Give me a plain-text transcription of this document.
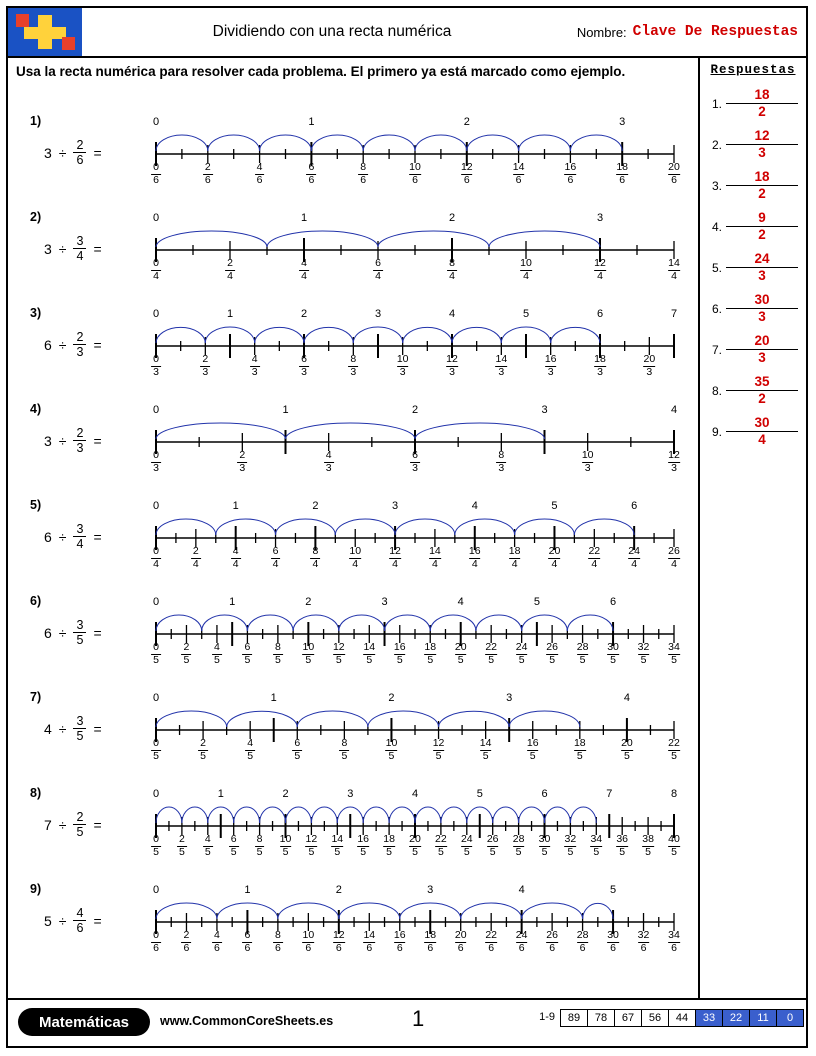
Dividiendo con una recta numérica	Nombre: Clave De Respuestas
Usa la recta numérica para resolver cada problema. El primero ya está marcado como ejemplo.	Respuestas
1. $\frac{18}{2}$
2. $\frac{12}{3}$
3. $\frac{18}{2}$
4. $\frac{9}{2}$
5. $\frac{24}{3}$
6. $\frac{30}{3}$
7. $\frac{20}{3}$
8. $\frac{35}{2}$
9. $\frac{30}{4}$
1)
$3 \div \frac{2}{6}$ =
0	1	2	3
0
6
2
6
4
6
6
6
8
6
10
6
12
6
14
6
16
6
18
6
20
6
2)
$3 \div \frac{3}{4}$ =
0	1	2	3
0
4
2
4
4
4
6
4
8
4
10
4
12
4
14
4
3)
$6 \div \frac{2}{3}$ =
0	1	2	3	4	5	6	7
0
3
2
3
4
3
6
3
8
3
10
3
12
3
14
3
16
3
18
3
20
3
4)
$3 \div \frac{2}{3}$ =
0	1	2	3	4
0
3
2
3
4
3
6
3
8
3
10
3
12
3
5)
$6 \div \frac{3}{4}$ =
0	1	2	3	4	5	6
0
4
2
4
4
4
6
4
8
4
10
4
12
4
14
4
16
4
18
4
20
4
22
4
24
4
26
4
6)
$6 \div \frac{3}{5}$ =
0	1	2	3	4	5	6
0
5
2
5
4
5
6
5
8
5
10
5
12
5
14
5
16
5
18
5
20
5
22
5
24
5
26
5
28
5
30
5
32
5
34
5
7)
$4 \div \frac{3}{5}$ =
0	1	2	3	4
0
5
2
5
4
5
6
5
8
5
10
5
12
5
14
5
16
5
18
5
20
5
22
5
8)
$7 \div \frac{2}{5}$ =
0	1	2	3	4	5	6	7	8
0
5
2
5
4
5
6
5
8
5
10
5
12
5
14
5
16
5
18
5
20
5
22
5
24
5
26
5
28
5
30
5
32
5
34
5
36
5
38
5
40
5
9)
$5 \div \frac{4}{6}$ =
0	1	2	3	4	5
0
6
2
6
4
6
6
6
8
6
10
6
12
6
14
6
16
6
18
6
20
6
22
6
24
6
26
6
28
6
30
6
32
6
34
6
Matemáticas	www.CommonCoreSheets.es	1	1-9	89	78	67	56	44	33	22	11	0
